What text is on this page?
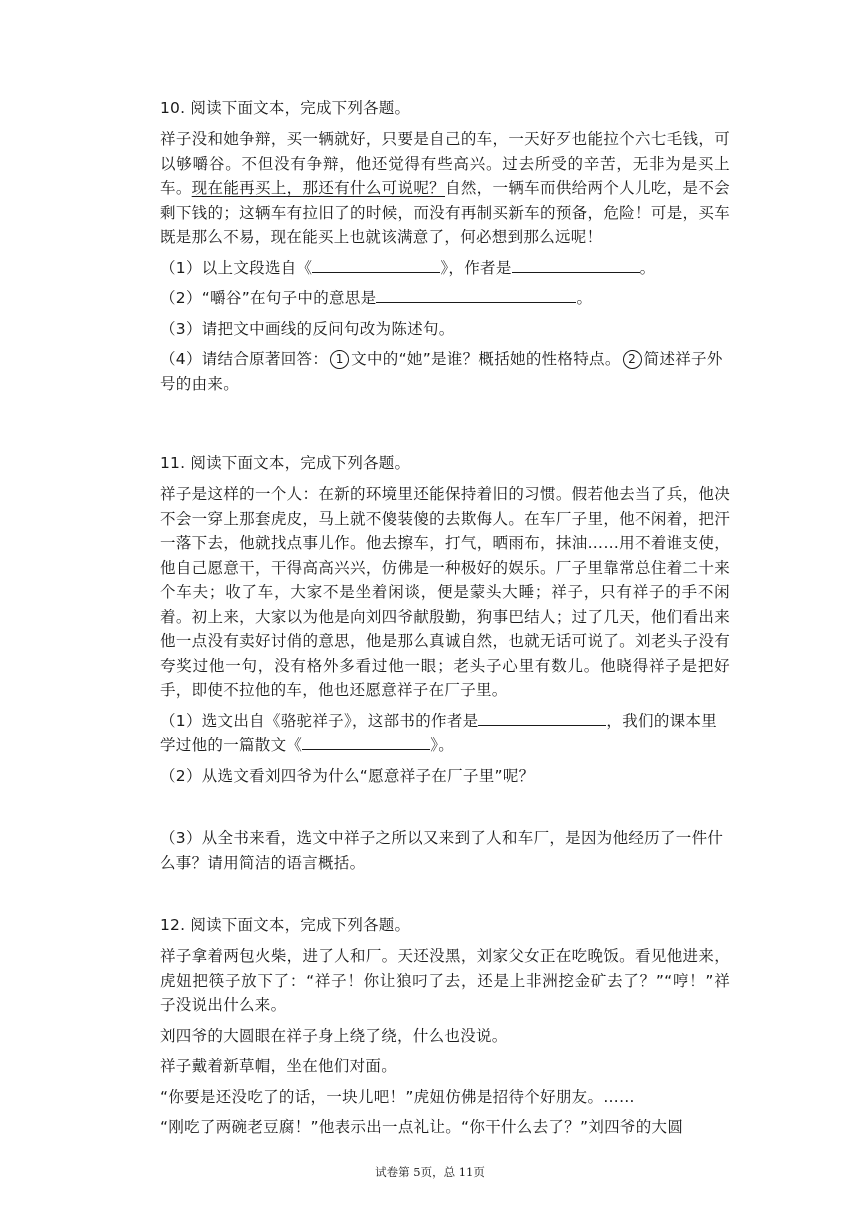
10. 阅读下面文本，完成下列各题。

祥子没和她争辩，买一辆就好，只要是自己的车，一天好歹也能拉个六七毛钱，可以够嚼谷。不但没有争辩，他还觉得有些高兴。过去所受的辛苦，无非为是买上车。现在能再买上，那还有什么可说呢？自然，一辆车而供给两个人儿吃，是不会剩下钱的；这辆车有拉旧了的时候，而没有再制买新车的预备，危险！可是，买车既是那么不易，现在能买上也就该满意了，何必想到那么远呢！

（1）以上文段选自《	》，作者是	。

（2）“嚼谷”在句子中的意思是	。

（3）请把文中画线的反问句改为陈述句。

（4）请结合原著回答： 1 文中的“她”是谁？概括她的性格特点。 2 简述祥子外号的由来。

11. 阅读下面文本，完成下列各题。

祥子是这样的一个人：在新的环境里还能保持着旧的习惯。假若他去当了兵，他决不会一穿上那套虎皮，马上就不傻装傻的去欺侮人。在车厂子里，他不闲着，把汗一落下去，他就找点事儿作。他去擦车，打气，晒雨布，抹油……用不着谁支使，他自己愿意干，干得高高兴兴，仿佛是一种极好的娱乐。厂子里靠常总住着二十来个车夫；收了车，大家不是坐着闲谈，便是蒙头大睡；祥子，只有祥子的手不闲着。初上来，大家以为他是向刘四爷献殷勤，狗事巴结人；过了几天，他们看出来他一点没有卖好讨俏的意思，他是那么真诚自然，也就无话可说了。刘老头子没有夸奖过他一句，没有格外多看过他一眼；老头子心里有数儿。他晓得祥子是把好手，即使不拉他的车，他也还愿意祥子在厂子里。

（1）选文出自《骆驼祥子》，这部书的作者是	，我们的课本里学过他的一篇散文《	》。

（2）从选文看刘四爷为什么“愿意祥子在厂子里”呢？

（3）从全书来看，选文中祥子之所以又来到了人和车厂，是因为他经历了一件什么事？请用简洁的语言概括。

12. 阅读下面文本，完成下列各题。

祥子拿着两包火柴，进了人和厂。天还没黑，刘家父女正在吃晚饭。看见他进来，虎妞把筷子放下了：“祥子！你让狼叼了去，还是上非洲挖金矿去了？”“哼！”祥子没说出什么来。

刘四爷的大圆眼在祥子身上绕了绕，什么也没说。

祥子戴着新草帽，坐在他们对面。

“你要是还没吃了的话，一块儿吧！”虎妞仿佛是招待个好朋友。……

“刚吃了两碗老豆腐！”他表示出一点礼让。“你干什么去了？”刘四爷的大圆

试卷第 5页，总 11页
